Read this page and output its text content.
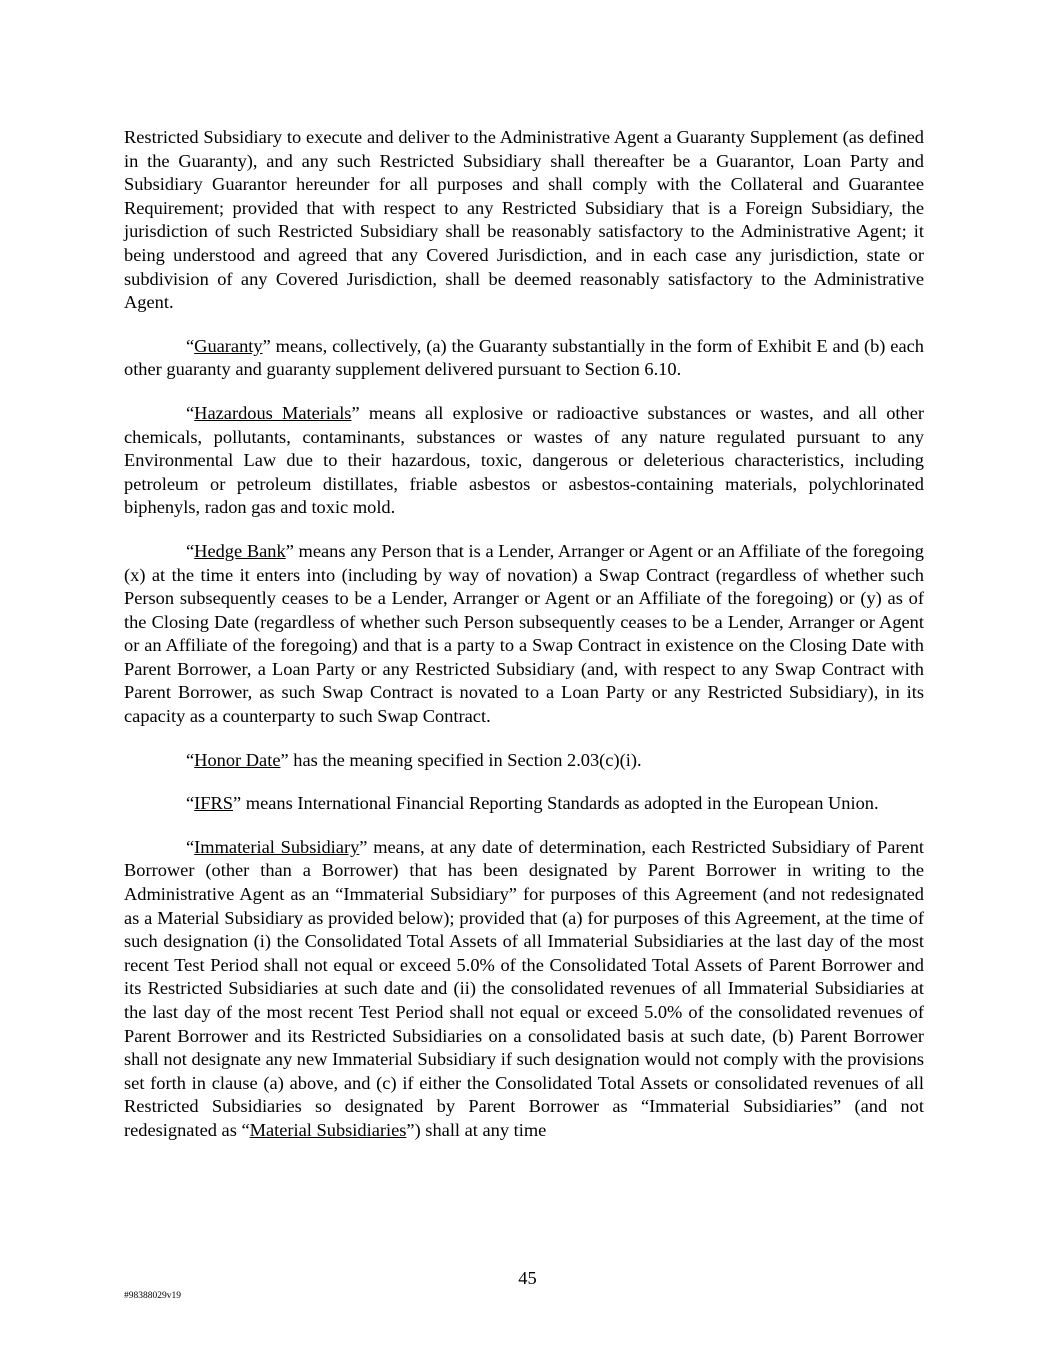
Restricted Subsidiary to execute and deliver to the Administrative Agent a Guaranty Supplement (as defined in the Guaranty), and any such Restricted Subsidiary shall thereafter be a Guarantor, Loan Party and Subsidiary Guarantor hereunder for all purposes and shall comply with the Collateral and Guarantee Requirement; provided that with respect to any Restricted Subsidiary that is a Foreign Subsidiary, the jurisdiction of such Restricted Subsidiary shall be reasonably satisfactory to the Administrative Agent; it being understood and agreed that any Covered Jurisdiction, and in each case any jurisdiction, state or subdivision of any Covered Jurisdiction, shall be deemed reasonably satisfactory to the Administrative Agent.

“Guaranty” means, collectively, (a) the Guaranty substantially in the form of Exhibit E and (b) each other guaranty and guaranty supplement delivered pursuant to Section 6.10.

“Hazardous Materials” means all explosive or radioactive substances or wastes, and all other chemicals, pollutants, contaminants, substances or wastes of any nature regulated pursuant to any Environmental Law due to their hazardous, toxic, dangerous or deleterious characteristics, including petroleum or petroleum distillates, friable asbestos or asbestos-containing materials, polychlorinated biphenyls, radon gas and toxic mold.

“Hedge Bank” means any Person that is a Lender, Arranger or Agent or an Affiliate of the foregoing (x) at the time it enters into (including by way of novation) a Swap Contract (regardless of whether such Person subsequently ceases to be a Lender, Arranger or Agent or an Affiliate of the foregoing) or (y) as of the Closing Date (regardless of whether such Person subsequently ceases to be a Lender, Arranger or Agent or an Affiliate of the foregoing) and that is a party to a Swap Contract in existence on the Closing Date with Parent Borrower, a Loan Party or any Restricted Subsidiary (and, with respect to any Swap Contract with Parent Borrower, as such Swap Contract is novated to a Loan Party or any Restricted Subsidiary), in its capacity as a counterparty to such Swap Contract.

“Honor Date” has the meaning specified in Section 2.03(c)(i).

“IFRS” means International Financial Reporting Standards as adopted in the European Union.

“Immaterial Subsidiary” means, at any date of determination, each Restricted Subsidiary of Parent Borrower (other than a Borrower) that has been designated by Parent Borrower in writing to the Administrative Agent as an “Immaterial Subsidiary” for purposes of this Agreement (and not redesignated as a Material Subsidiary as provided below); provided that (a) for purposes of this Agreement, at the time of such designation (i) the Consolidated Total Assets of all Immaterial Subsidiaries at the last day of the most recent Test Period shall not equal or exceed 5.0% of the Consolidated Total Assets of Parent Borrower and its Restricted Subsidiaries at such date and (ii) the consolidated revenues of all Immaterial Subsidiaries at the last day of the most recent Test Period shall not equal or exceed 5.0% of the consolidated revenues of Parent Borrower and its Restricted Subsidiaries on a consolidated basis at such date, (b) Parent Borrower shall not designate any new Immaterial Subsidiary if such designation would not comply with the provisions set forth in clause (a) above, and (c) if either the Consolidated Total Assets or consolidated revenues of all Restricted Subsidiaries so designated by Parent Borrower as “Immaterial Subsidiaries” (and not redesignated as “Material Subsidiaries”) shall at any time

45
#98388029v19
